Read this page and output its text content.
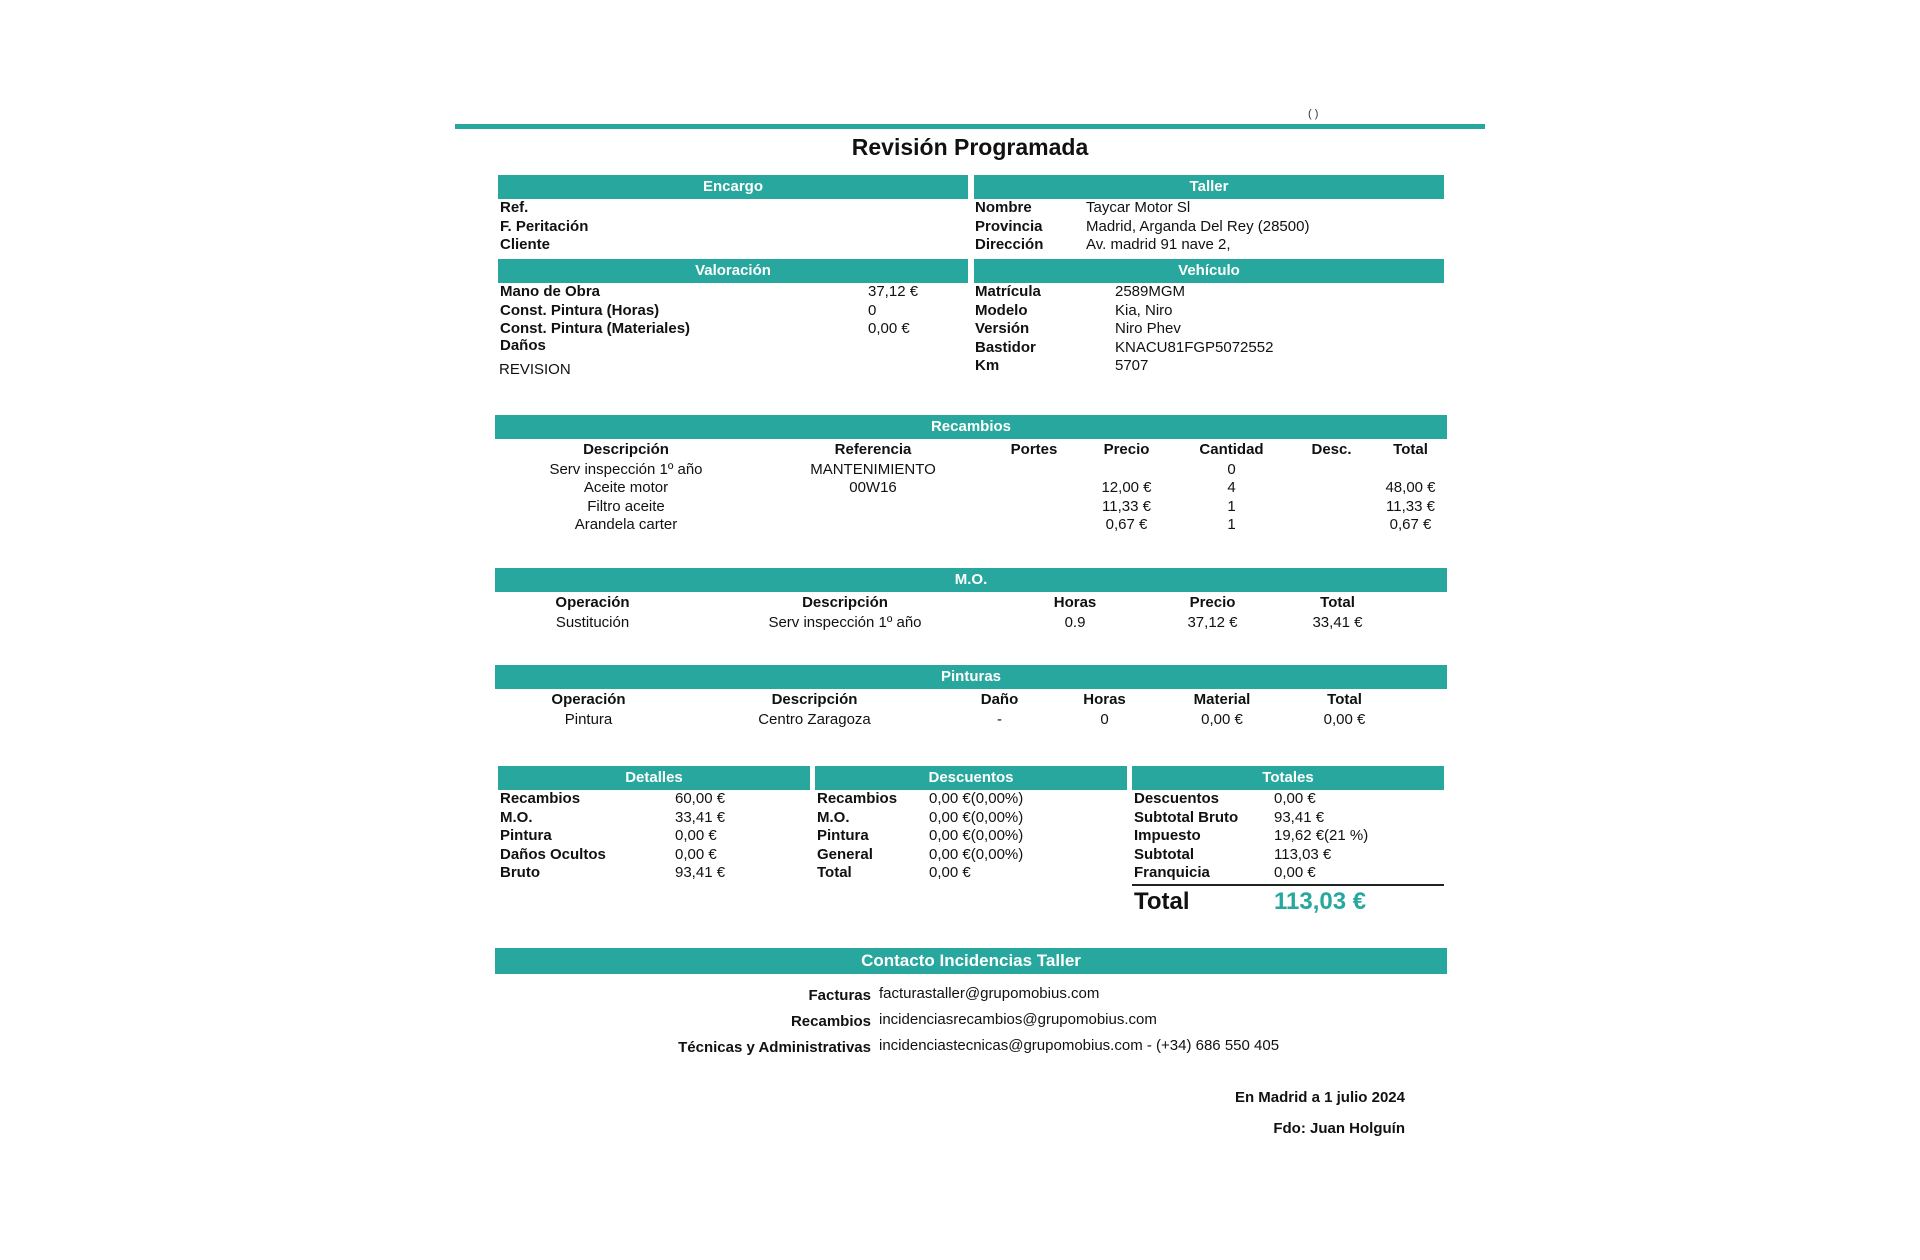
( )
Revisión Programada
Encargo
Ref.
F. Peritación
Cliente
Taller
Nombre	Taycar Motor Sl
Provincia	Madrid, Arganda Del Rey (28500)
Dirección	Av. madrid 91 nave 2,
Valoración
Mano de Obra	37,12 €
Const. Pintura (Horas)	0
Const. Pintura (Materiales)	0,00 €
Daños
REVISION
Vehículo
Matrícula	2589MGM
Modelo	Kia, Niro
Versión	Niro Phev
Bastidor	KNACU81FGP5072552
Km	5707
Recambios
Descripción	Referencia	Portes	Precio	Cantidad	Desc.	Total
Serv inspección 1º año	MANTENIMIENTO			0		
Aceite motor	00W16		12,00 €	4		48,00 €
Filtro aceite			11,33 €	1		11,33 €
Arandela carter			0,67 €	1		0,67 €
M.O.
Operación	Descripción	Horas	Precio	Total	
Sustitución	Serv inspección 1º año	0.9	37,12 €	33,41 €	
Pinturas
Operación	Descripción	Daño	Horas	Material	Total	
Pintura	Centro Zaragoza	-	0	0,00 €	0,00 €	
Detalles
Recambios	60,00 €
M.O.	33,41 €
Pintura	0,00 €
Daños Ocultos	0,00 €
Bruto	93,41 €
Descuentos
Recambios 0,00 €(0,00%)
M.O.	0,00 €(0,00%)
Pintura	0,00 €(0,00%)
General	0,00 €(0,00%)
Total	0,00 €
Totales
Descuentos	0,00 €
Subtotal Bruto 93,41 €
Impuesto	19,62 €(21 %)
Subtotal	113,03 €
Franquicia	0,00 €
Total	113,03 €
Contacto Incidencias Taller
Facturas facturastaller@grupomobius.com
Recambios incidenciasrecambios@grupomobius.com
Técnicas y Administrativas incidenciastecnicas@grupomobius.com - (+34) 686 550 405
En Madrid a 1 julio 2024
Fdo: Juan Holguín
